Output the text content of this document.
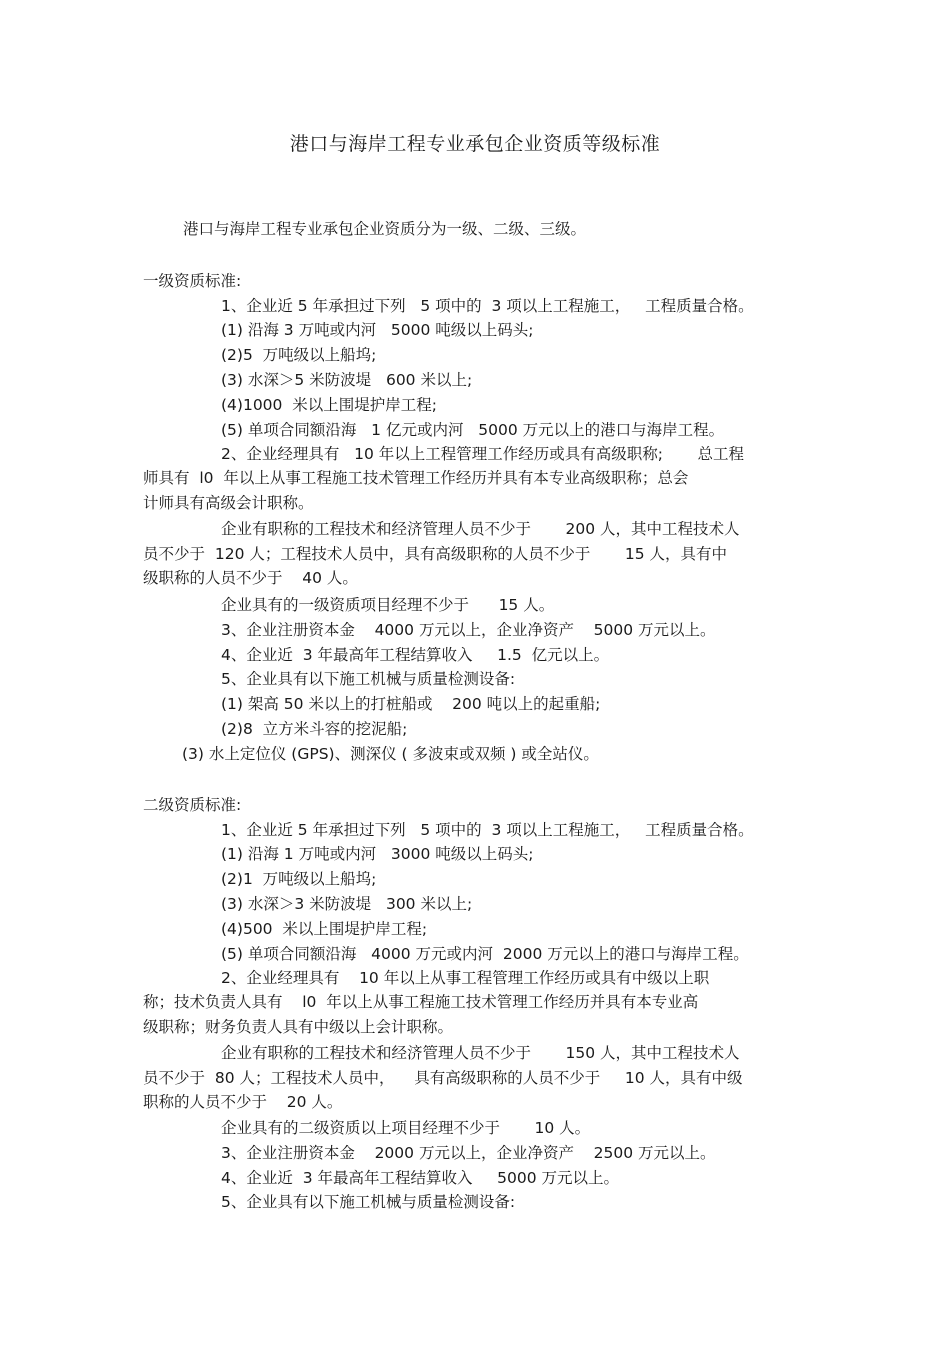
港口与海岸工程专业承包企业资质等级标准
港口与海岸工程专业承包企业资质分为一级、二级、三级。
一级资质标准:
1、企业近 5 年承担过下列   5 项中的  3 项以上工程施工，   工程质量合格。
(1) 沿海 3 万吨或内河   5000 吨级以上码头;
(2)5  万吨级以上船坞;
(3) 水深＞5 米防波堤   600 米以上;
(4)1000  米以上围堤护岸工程;
(5) 单项合同额沿海   1 亿元或内河   5000 万元以上的港口与海岸工程。
2、企业经理具有   10 年以上工程管理工作经历或具有高级职称;       总工程
师具有  l0  年以上从事工程施工技术管理工作经历并具有本专业高级职称；总会
计师具有高级会计职称。
企业有职称的工程技术和经济管理人员不少于       200 人，其中工程技术人
员不少于  120 人；工程技术人员中，具有高级职称的人员不少于       15 人，具有中
级职称的人员不少于    40 人。
企业具有的一级资质项目经理不少于      15 人。
3、企业注册资本金    4000 万元以上，企业净资产    5000 万元以上。
4、企业近  3 年最高年工程结算收入     1.5  亿元以上。
5、企业具有以下施工机械与质量检测设备:
(1) 架高 50 米以上的打桩船或    200 吨以上的起重船;
(2)8  立方米斗容的挖泥船;
(3) 水上定位仪 (GPS)、测深仪 ( 多波束或双频 ) 或全站仪。
二级资质标准:
1、企业近 5 年承担过下列   5 项中的  3 项以上工程施工，   工程质量合格。
(1) 沿海 1 万吨或内河   3000 吨级以上码头;
(2)1  万吨级以上船坞;
(3) 水深＞3 米防波堤   300 米以上;
(4)500  米以上围堤护岸工程;
(5) 单项合同额沿海   4000 万元或内河  2000 万元以上的港口与海岸工程。
2、企业经理具有    10 年以上从事工程管理工作经历或具有中级以上职
称；技术负责人具有    l0  年以上从事工程施工技术管理工作经历并具有本专业高
级职称；财务负责人具有中级以上会计职称。
企业有职称的工程技术和经济管理人员不少于       150 人，其中工程技术人
员不少于  80 人；工程技术人员中，    具有高级职称的人员不少于     10 人，具有中级
职称的人员不少于    20 人。
企业具有的二级资质以上项目经理不少于       10 人。
3、企业注册资本金    2000 万元以上，企业净资产    2500 万元以上。
4、企业近  3 年最高年工程结算收入     5000 万元以上。
5、企业具有以下施工机械与质量检测设备:
